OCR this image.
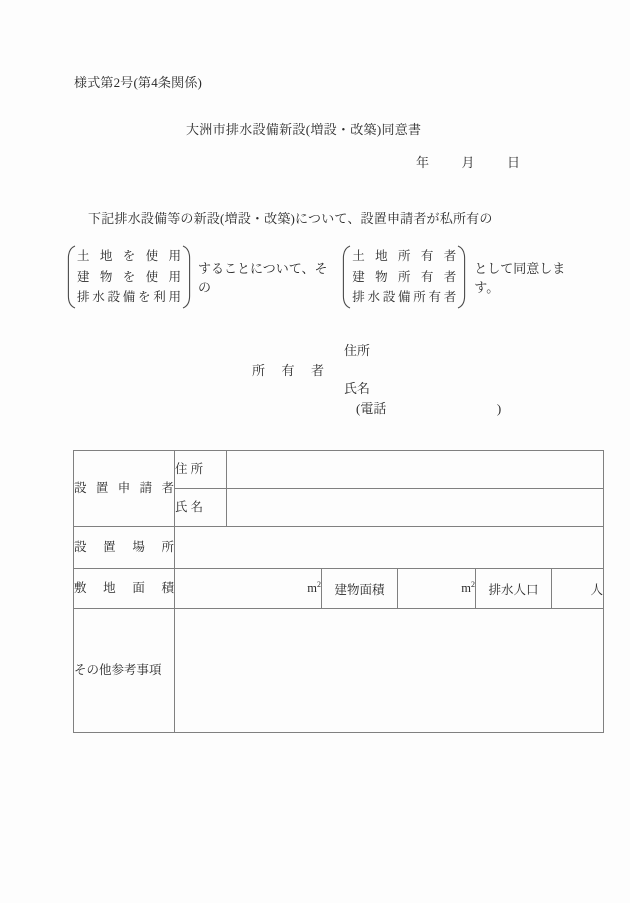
様式第2号(第4条関係)
大洲市排水設備新設(増設・改築)同意書
年	月	日
下記排水設備等の新設(増設・改築)について、設置申請者が私所有の
土 地 を 使 用
建 物 を 使 用
排水設備を利用
することについて、その
土 地 所 有 者
建 物 所 有 者
排水設備所有者
として同意します。
所 有 者
住所
氏名
(電話	)
設 置 申 請 者	住 所					

	氏 名					

設 置 場 所						

敷 地 面 積	$m^2$		建物面積	$m^2$	排水人口	人

その他参考事項						
